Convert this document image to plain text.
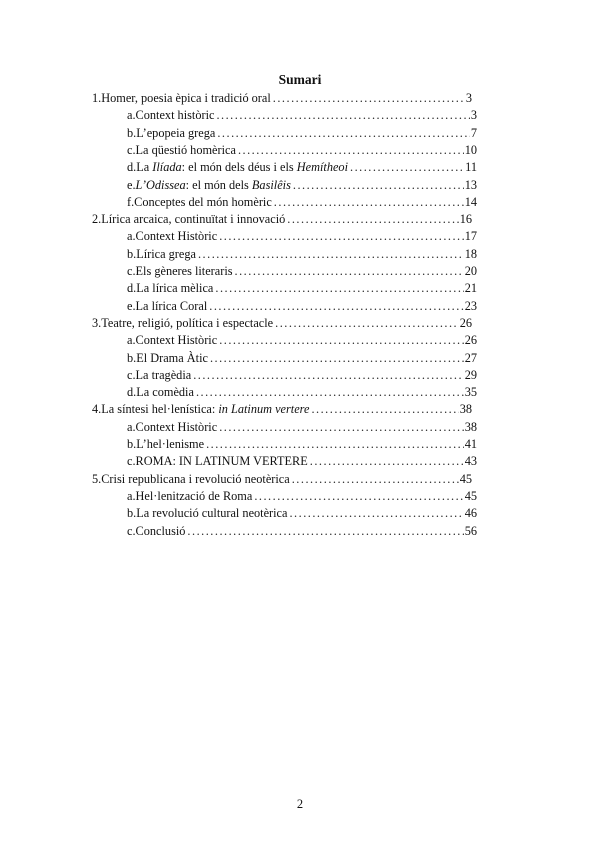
Sumari
1. Homer, poesia èpica i tradició oral .....	3
a. Context històric .....	3
b. L’epopeia grega .....	7
c. La qüestió homèrica .....	10
d. La Ilíada: el món dels déus i els Hemítheoi .....	11
e. L’Odissea: el món dels Basilêis .....	13
f. Conceptes del món homèric .....	14
2. Lírica arcaica, continuïtat i innovació .....	16
a. Context Històric .....	17
b. Lírica grega .....	18
c. Els gèneres literaris .....	20
d. La lírica mèlica .....	21
e. La lírica Coral .....	23
3. Teatre, religió, política i espectacle .....	26
a. Context Històric .....	26
b. El Drama Àtic .....	27
c. La tragèdia .....	29
d. La comèdia .....	35
4. La síntesi hel·lenística: in Latinum vertere .....	38
a. Context Històric .....	38
b. L’hel·lenisme .....	41
c. ROMA: IN LATINUM VERTERE .....	43
5. Crisi republicana i revolució neotèrica .....	45
a. Hel·lenització de Roma .....	45
b. La revolució cultural neotèrica .....	46
c. Conclusió .....	56
2
